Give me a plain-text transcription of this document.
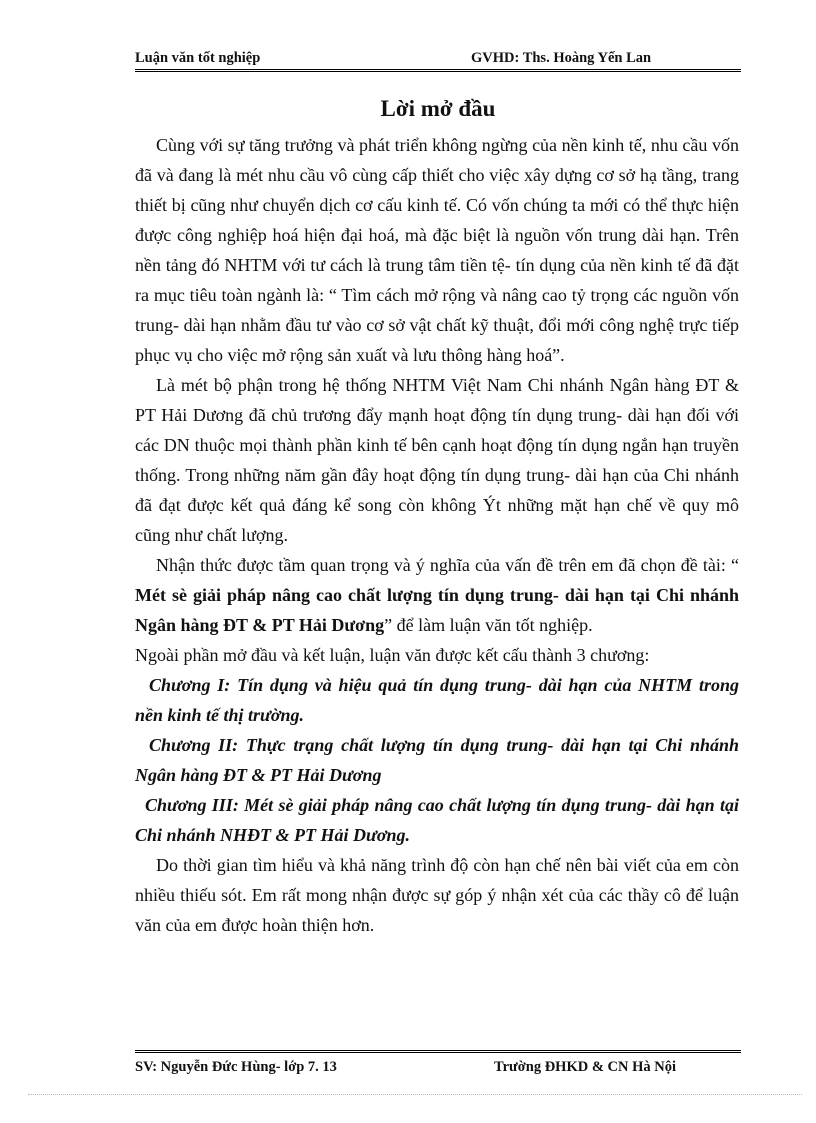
Luận văn tốt nghiệp	GVHD: Ths. Hoàng Yến Lan
Lời mở đầu

Cùng với sự tăng trưởng và phát triển không ngừng của nền kinh tế, nhu cầu vốn đã và đang là mét nhu cầu vô cùng cấp thiết cho việc xây dựng cơ sở hạ tầng, trang thiết bị cũng như chuyển dịch cơ cấu kinh tế. Có vốn chúng ta mới có thể thực hiện được công nghiệp hoá hiện đại hoá, mà đặc biệt là nguồn vốn trung dài hạn. Trên nền tảng đó NHTM với tư cách là trung tâm tiền tệ- tín dụng của nền kinh tế đã đặt ra mục tiêu toàn ngành là: “ Tìm cách mở rộng và nâng cao tỷ trọng các nguồn vốn trung- dài hạn nhằm đầu tư vào cơ sở vật chất kỹ thuật, đổi mới công nghệ trực tiếp phục vụ cho việc mở rộng sản xuất và lưu thông hàng hoá”.

Là mét bộ phận trong hệ thống NHTM Việt Nam Chi nhánh Ngân hàng ĐT & PT Hải Dương đã chủ trương đẩy mạnh hoạt động tín dụng trung- dài hạn đối với các DN thuộc mọi thành phần kinh tế bên cạnh hoạt động tín dụng ngắn hạn truyền thống. Trong những năm gần đây hoạt động tín dụng trung- dài hạn của Chi nhánh đã đạt được kết quả đáng kể song còn không Ýt những mặt hạn chế về quy mô cũng như chất lượng.

Nhận thức được tầm quan trọng và ý nghĩa của vấn đề trên em đã chọn đề tài: “ Mét sè giải pháp nâng cao chất lượng tín dụng trung- dài hạn tại Chi nhánh Ngân hàng ĐT & PT Hải Dương” để làm luận văn tốt nghiệp.

Ngoài phần mở đầu và kết luận, luận văn được kết cấu thành 3 chương:

Chương I: Tín dụng và hiệu quả tín dụng trung- dài hạn của NHTM trong nền kinh tế thị trường.

Chương II: Thực trạng chất lượng tín dụng trung- dài hạn tại Chi nhánh Ngân hàng ĐT & PT Hải Dương

Chương III: Mét sè giải pháp nâng cao chất lượng tín dụng trung- dài hạn tại Chi nhánh NHĐT & PT Hải Dương.

Do thời gian tìm hiểu và khả năng trình độ còn hạn chế nên bài viết của em còn nhiều thiếu sót. Em rất mong nhận được sự góp ý nhận xét của các thầy cô để luận văn của em được hoàn thiện hơn.

SV: Nguyễn Đức Hùng- lớp 7. 13	Trường ĐHKD & CN Hà Nội
